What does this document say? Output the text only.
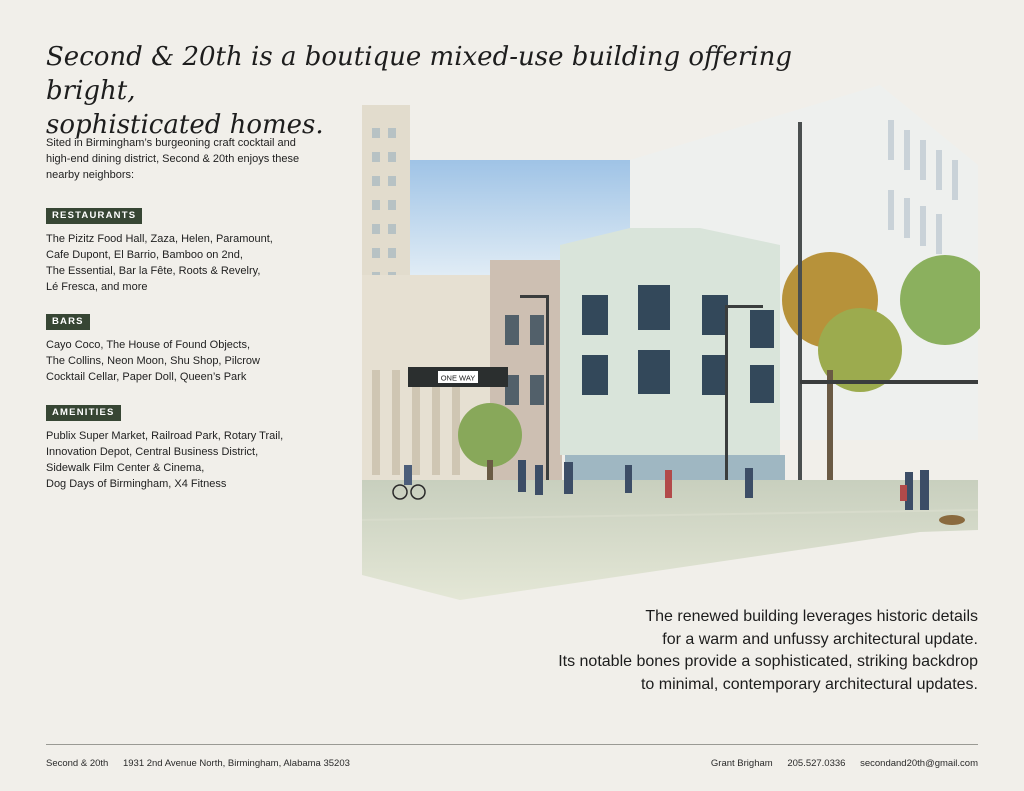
Second & 20th is a boutique mixed-use building offering bright,
sophisticated homes.

Sited in Birmingham’s burgeoning craft cocktail and
high-end dining district, Second & 20th enjoys these
nearby neighbors:

RESTAURANTS

The Pizitz Food Hall, Zaza, Helen, Paramount,
Cafe Dupont, El Barrio, Bamboo on 2nd,
The Essential, Bar la Fête, Roots & Revelry,
Lé Fresca, and more

BARS

Cayo Coco, The House of Found Objects,
The Collins, Neon Moon, Shu Shop, Pilcrow
Cocktail Cellar, Paper Doll, Queen’s Park

AMENITIES

Publix Super Market, Railroad Park, Rotary Trail,
Innovation Depot, Central Business District,
Sidewalk Film Center & Cinema,
Dog Days of Birmingham, X4 Fitness

ONE WAY
The renewed building leverages historic details
for a warm and unfussy architectural update.
Its notable bones provide a sophisticated, striking backdrop
to minimal, contemporary architectural updates.
Second & 20th 1931 2nd Avenue North, Birmingham, Alabama 35203	Grant Brigham 205.527.0336 secondand20th@gmail.com
